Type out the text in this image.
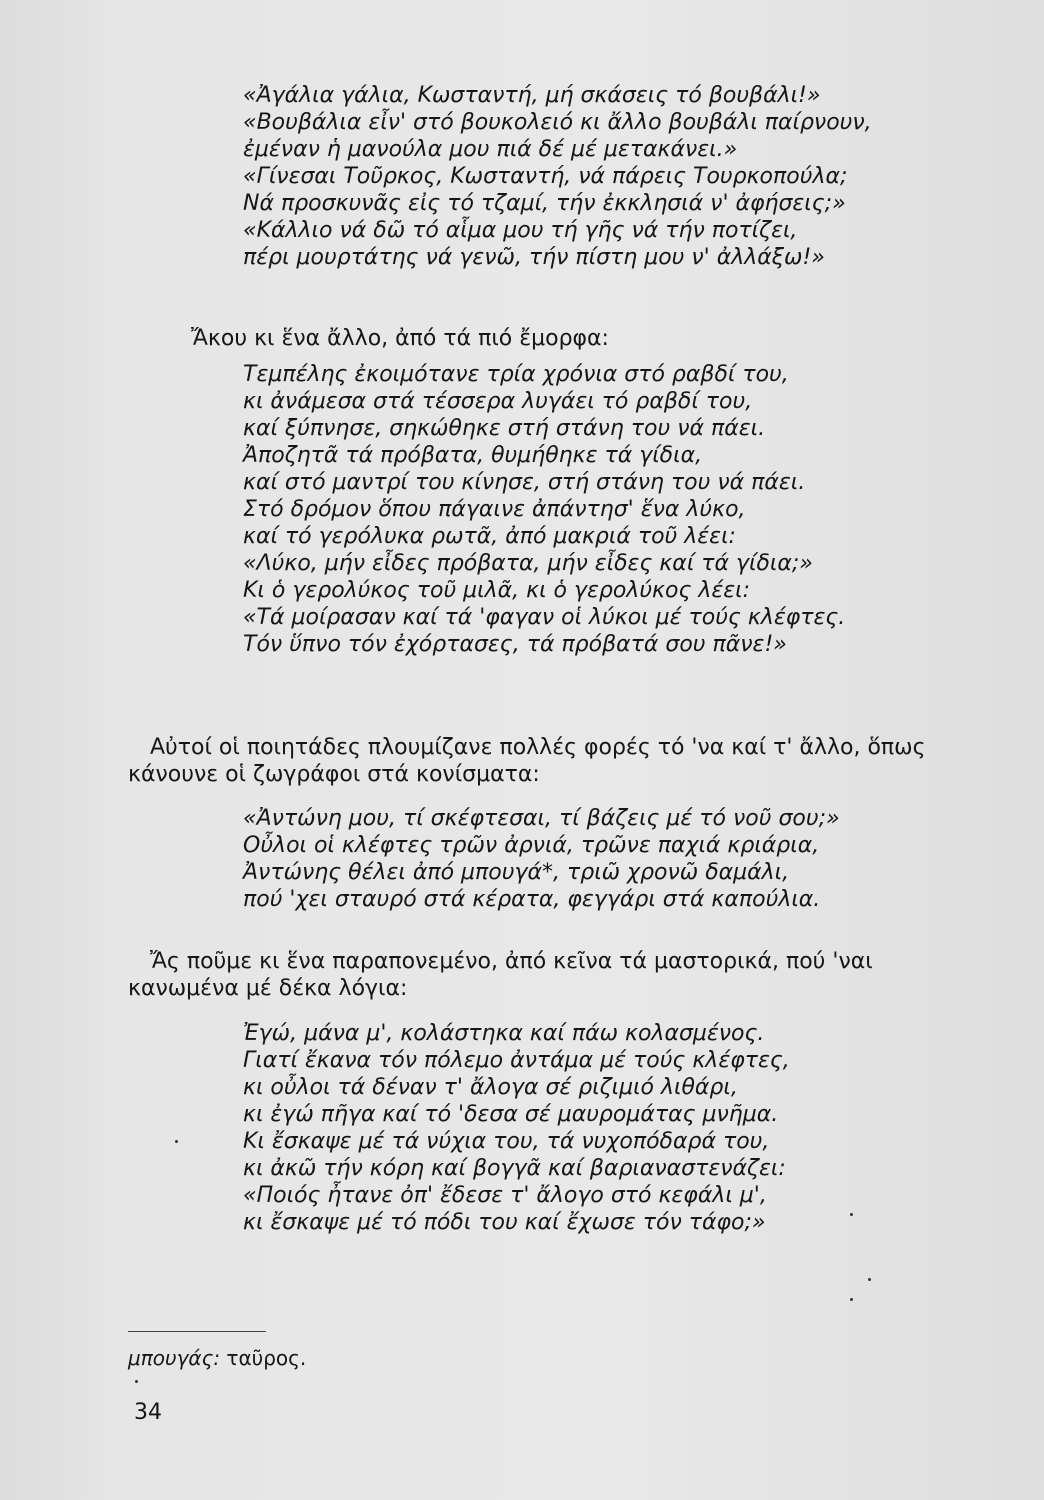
«Ἀγάλια γάλια, Κωσταντή, μή σκάσεις τό βουβάλι!»
«Βουβάλια εἶν' στό βουκολειό κι ἄλλο βουβάλι παίρνουν,
ἐμέναν ἡ μανούλα μου πιά δέ μέ μετακάνει.»
«Γίνεσαι Τοῦρκος, Κωσταντή, νά πάρεις Τουρκοπούλα;
Νά προσκυνᾶς εἰς τό τζαμί, τήν ἐκκλησιά ν' ἀφήσεις;»
«Κάλλιο νά δῶ τό αἷμα μου τή γῆς νά τήν ποτίζει,
πέρι μουρτάτης νά γενῶ, τήν πίστη μου ν' ἀλλάξω!»
Ἄκου κι ἕνα ἄλλο, ἀπό τά πιό ἔμορφα:
Τεμπέλης ἐκοιμότανε τρία χρόνια στό ραβδί του,
κι ἀνάμεσα στά τέσσερα λυγάει τό ραβδί του,
καί ξύπνησε, σηκώθηκε στή στάνη του νά πάει.
Ἀποζητᾶ τά πρόβατα, θυμήθηκε τά γίδια,
καί στό μαντρί του κίνησε, στή στάνη του νά πάει.
Στό δρόμον ὅπου πάγαινε ἀπάντησ' ἕνα λύκο,
καί τό γερόλυκα ρωτᾶ, ἀπό μακριά τοῦ λέει:
«Λύκο, μήν εἶδες πρόβατα, μήν εἶδες καί τά γίδια;»
Κι ὁ γερολύκος τοῦ μιλᾶ, κι ὁ γερολύκος λέει:
«Τά μοίρασαν καί τά 'φαγαν οἱ λύκοι μέ τούς κλέφτες.
Τόν ὕπνο τόν ἐχόρτασες, τά πρόβατά σου πᾶνε!»
Αὐτοί οἱ ποιητάδες πλουμίζανε πολλές φορές τό 'να καί τ' ἄλλο, ὅπως
κάνουνε οἱ ζωγράφοι στά κονίσματα:
«Ἀντώνη μου, τί σκέφτεσαι, τί βάζεις μέ τό νοῦ σου;»
Οὖλοι οἱ κλέφτες τρῶν ἀρνιά, τρῶνε παχιά κριάρια,
Ἀντώνης θέλει ἀπό μπουγά*, τριῶ χρονῶ δαμάλι,
πού 'χει σταυρό στά κέρατα, φεγγάρι στά καπούλια.
Ἄς ποῦμε κι ἕνα παραπονεμένο, ἀπό κεῖνα τά μαστορικά, πού 'ναι
κανωμένα μέ δέκα λόγια:
Ἐγώ, μάνα μ', κολάστηκα καί πάω κολασμένος.
Γιατί ἔκανα τόν πόλεμο ἀντάμα μέ τούς κλέφτες,
κι οὖλοι τά δέναν τ' ἄλογα σέ ριζιμιό λιθάρι,
κι ἐγώ πῆγα καί τό 'δεσα σέ μαυρομάτας μνῆμα.
Κι ἔσκαψε μέ τά νύχια του, τά νυχοπόδαρά του,
κι ἀκῶ τήν κόρη καί βογγᾶ καί βαριαναστενάζει:
«Ποιός ἦτανε ὀπ' ἔδεσε τ' ἄλογο στό κεφάλι μ',
κι ἔσκαψε μέ τό πόδι του καί ἔχωσε τόν τάφο;»
μπουγάς: ταῦρος.
34
